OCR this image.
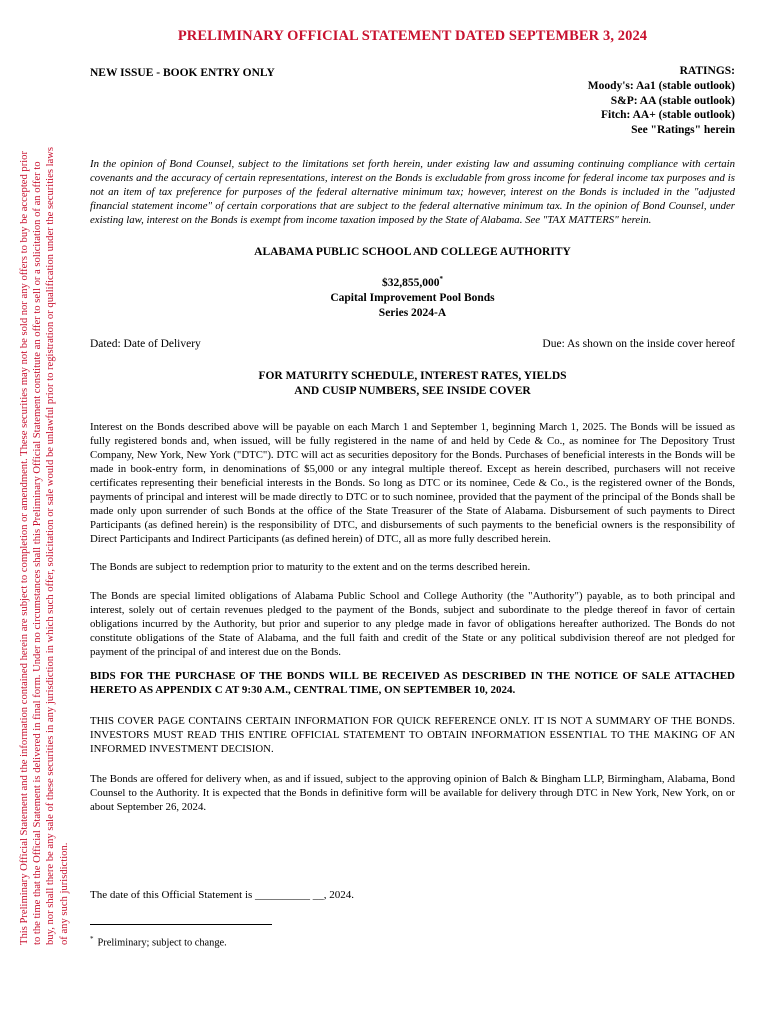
This Preliminary Official Statement and the information contained herein are subject to completion or amendment. These securities may not be sold nor any offers to buy be accepted prior to the time that the Official Statement is delivered in final form. Under no circumstances shall this Preliminary Official Statement constitute an offer to sell or a solicitation of an offer to buy, nor shall there be any sale of these securities in any jurisdiction in which such offer, solicitation or sale would be unlawful prior to registration or qualification under the securities laws of any such jurisdiction.

PRELIMINARY OFFICIAL STATEMENT DATED SEPTEMBER 3, 2024
NEW ISSUE - BOOK ENTRY ONLY	RATINGS:
Moody's: Aa1 (stable outlook)
S&P: AA (stable outlook)
Fitch: AA+ (stable outlook)
See "Ratings" herein

In the opinion of Bond Counsel, subject to the limitations set forth herein, under existing law and assuming continuing compliance with certain covenants and the accuracy of certain representations, interest on the Bonds is excludable from gross income for federal income tax purposes and is not an item of tax preference for purposes of the federal alternative minimum tax; however, interest on the Bonds is included in the "adjusted financial statement income" of certain corporations that are subject to the federal alternative minimum tax. In the opinion of Bond Counsel, under existing law, interest on the Bonds is exempt from income taxation imposed by the State of Alabama. See "TAX MATTERS" herein.

ALABAMA PUBLIC SCHOOL AND COLLEGE AUTHORITY
$32,855,000*
Capital Improvement Pool Bonds
Series 2024-A
Dated: Date of Delivery	Due: As shown on the inside cover hereof
FOR MATURITY SCHEDULE, INTEREST RATES, YIELDS
AND CUSIP NUMBERS, SEE INSIDE COVER

Interest on the Bonds described above will be payable on each March 1 and September 1, beginning March 1, 2025. The Bonds will be issued as fully registered bonds and, when issued, will be fully registered in the name of and held by Cede & Co., as nominee for The Depository Trust Company, New York, New York ("DTC"). DTC will act as securities depository for the Bonds. Purchases of beneficial interests in the Bonds will be made in book-entry form, in denominations of $5,000 or any integral multiple thereof. Except as herein described, purchasers will not receive certificates representing their beneficial interests in the Bonds. So long as DTC or its nominee, Cede & Co., is the registered owner of the Bonds, payments of principal and interest will be made directly to DTC or to such nominee, provided that the payment of the principal of the Bonds shall be made only upon surrender of such Bonds at the office of the State Treasurer of the State of Alabama. Disbursement of such payments to Direct Participants (as defined herein) is the responsibility of DTC, and disbursements of such payments to the beneficial owners is the responsibility of Direct Participants and Indirect Participants (as defined herein) of DTC, all as more fully described herein.

The Bonds are subject to redemption prior to maturity to the extent and on the terms described herein.

The Bonds are special limited obligations of Alabama Public School and College Authority (the "Authority") payable, as to both principal and interest, solely out of certain revenues pledged to the payment of the Bonds, subject and subordinate to the pledge thereof in favor of certain obligations incurred by the Authority, but prior and superior to any pledge made in favor of obligations hereafter authorized. The Bonds do not constitute obligations of the State of Alabama, and the full faith and credit of the State or any political subdivision thereof are not pledged for payment of the principal of and interest due on the Bonds.

BIDS FOR THE PURCHASE OF THE BONDS WILL BE RECEIVED AS DESCRIBED IN THE NOTICE OF SALE ATTACHED HERETO AS APPENDIX C AT 9:30 A.M., CENTRAL TIME, ON SEPTEMBER 10, 2024.

THIS COVER PAGE CONTAINS CERTAIN INFORMATION FOR QUICK REFERENCE ONLY. IT IS NOT A SUMMARY OF THE BONDS. INVESTORS MUST READ THIS ENTIRE OFFICIAL STATEMENT TO OBTAIN INFORMATION ESSENTIAL TO THE MAKING OF AN INFORMED INVESTMENT DECISION.

The Bonds are offered for delivery when, as and if issued, subject to the approving opinion of Balch & Bingham LLP, Birmingham, Alabama, Bond Counsel to the Authority. It is expected that the Bonds in definitive form will be available for delivery through DTC in New York, New York, on or about September 26, 2024.

The date of this Official Statement is __________ __, 2024.
* Preliminary; subject to change.
